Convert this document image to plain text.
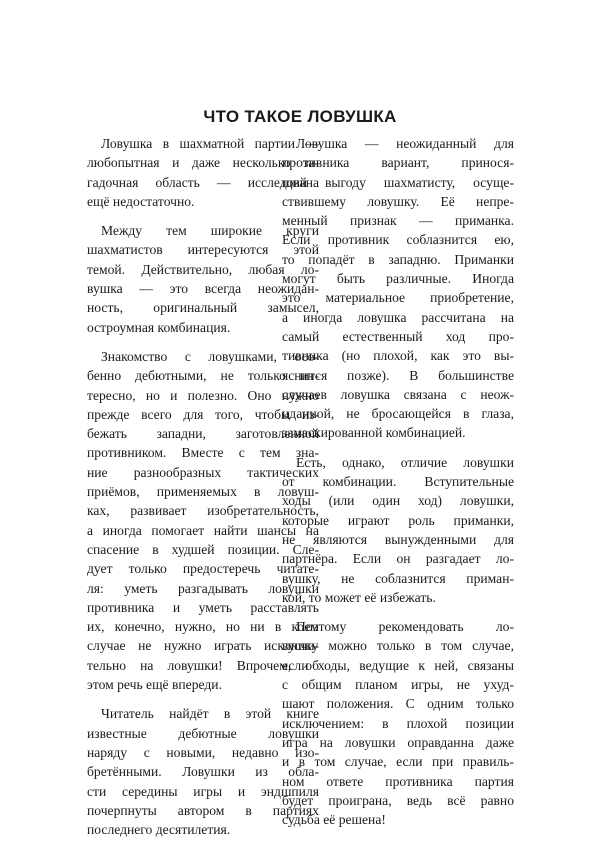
ЧТО ТАКОЕ ЛОВУШКА

Ловушка в шахматной партии —
любопытная и даже несколько за-
гадочная область — исследована
ещё недостаточно.

Между тем широкие круги
шахматистов интересуются этой
темой. Действительно, любая ло-
вушка — это всегда неожидан-
ность, оригинальный замысел,
остроумная комбинация.

Знакомство с ловушками, осо-
бенно дебютными, не только ин-
тересно, но и полезно. Оно нужно
прежде всего для того, чтобы из-
бежать западни, заготовленной
противником. Вместе с тем зна-
ние разнообразных тактических
приёмов, применяемых в ловуш-
ках, развивает изобретательность,
а иногда помогает найти шансы на
спасение в худшей позиции. Сле-
дует только предостеречь читате-
ля: уметь разгадывать ловушки
противника и уметь расставлять
их, конечно, нужно, но ни в коем
случае не нужно играть исключи-
тельно на ловушки! Впрочем, об
этом речь ещё впереди.

Читатель найдёт в этой книге
известные дебютные ловушки
наряду с новыми, недавно изо-
бретёнными. Ловушки из обла-
сти середины игры и эндшпиля
почерпнуты автором в партиях
последнего десятилетия.

Ловушка — неожиданный для
противника вариант, принося-
щий выгоду шахматисту, осуще-
ствившему ловушку. Её непре-
менный признак — приманка.
Если противник соблазнится ею,
то попадёт в западню. Приманки
могут быть различные. Иногда
это материальное приобретение,
а иногда ловушка рассчитана на
самый естественный ход про-
тивника (но плохой, как это вы-
яснится позже). В большинстве
случаев ловушка связана с неож-
иданной, не бросающейся в глаза,
замаскированной комбинацией.

Есть, однако, отличие ловушки
от комбинации. Вступительные
ходы (или один ход) ловушки,
которые играют роль приманки,
не являются вынужденными для
партнёра. Если он разгадает ло-
вушку, не соблазнится приман-
кой, то может её избежать.

Поэтому рекомендовать ло-
вушку можно только в том случае,
если ходы, ведущие к ней, связаны
с общим планом игры, не ухуд-
шают положения. С одним только
исключением: в плохой позиции
игра на ловушки оправданна даже
и в том случае, если при правиль-
ном ответе противника партия
будет проиграна, ведь всё равно
судьба её решена!
